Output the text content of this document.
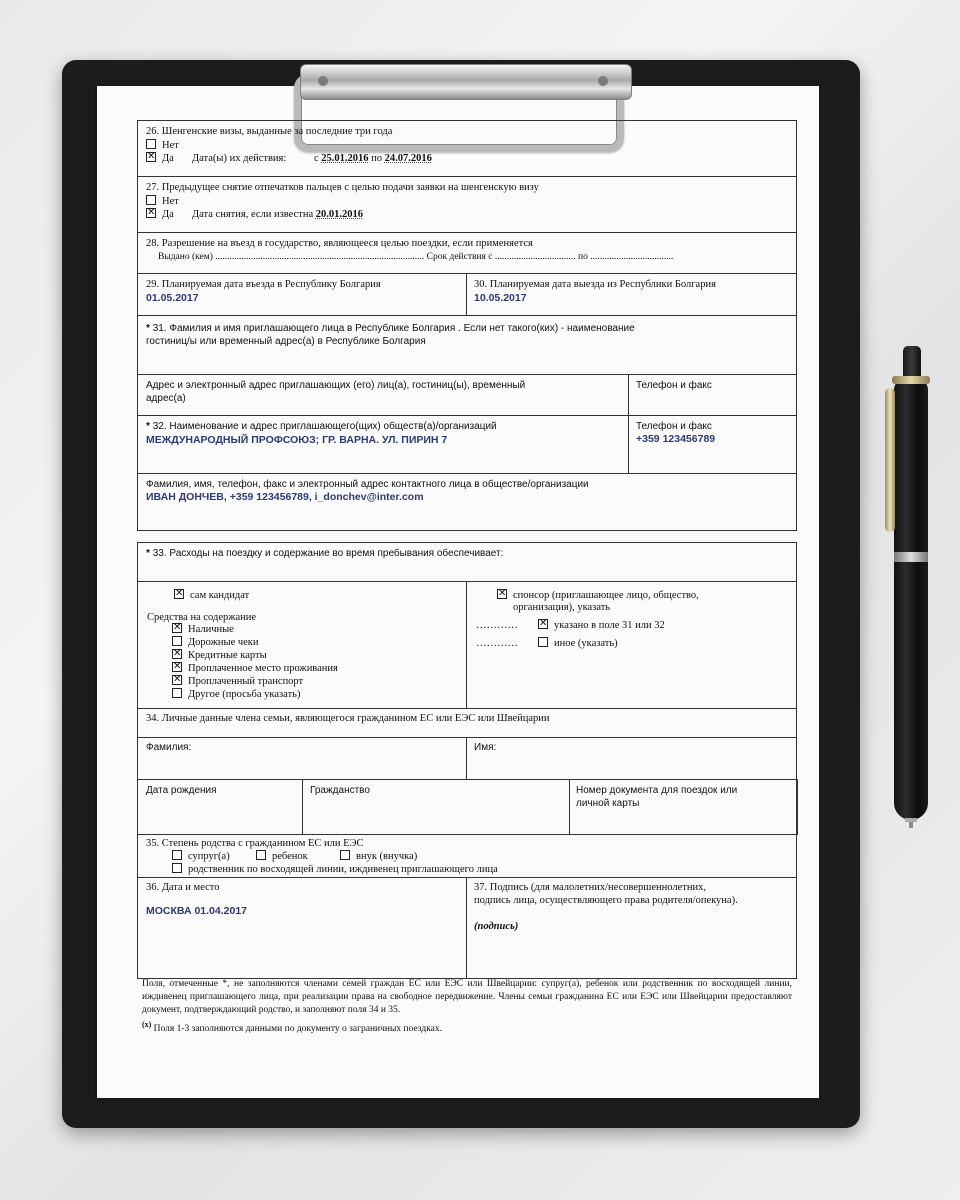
26. Шенгенские визы, выданные за последние три года
Нет
✕Да Дата(ы) их действия:	с 25.01.2016 по 24.07.2016
27. Предыдущее снятие отпечатков пальцев с целью подачи заявки на шенгенскую визу
Нет
✕Да Дата снятия, если известна 20.01.2016
28. Разрешение на въезд в государство, являющееся целью поездки, если применяется
Выдано (кем) ........................................................................................ Срок действия с .................................. по ...................................
29. Планируемая дата въезда в Республику Болгария
01.05.2017
30. Планируемая дата выезда из Республики Болгария
10.05.2017
* 31. Фамилия и имя приглашающего лица в Республике Болгария . Если нет такого(ких) - наименование
гостиниц/ы или временный адрес(а) в Республике Болгария
Телефон и факс
Адрес и электронный адрес приглашающих (его) лиц(а), гостиниц(ы), временный
адрес(а)
Телефон и факс
+359 123456789
* 32. Наименование и адрес приглашающего(щих) обществ(а)/организаций
МЕЖДУНАРОДНЫЙ ПРОФСОЮЗ; ГР. ВАРНА. УЛ. ПИРИН 7
Фамилия, имя, телефон, факс и электронный адрес контактного лица в обществе/организации
ИВАН ДОНЧЕВ, +359 123456789, i_donchev@inter.com
* 33. Расходы на поездку и содержание во время пребывания обеспечивает:
✕сам кандидат
Средства на содержание
✕Наличные
Дорожные чеки
✕Кредитные карты
✕Проплаченное место проживания
✕Проплаченный транспорт
Другое (просьба указать)
✕спонсор (приглашающее лицо, общество,
организация), указать
…………
✕	указано в поле 31 или 32
…………	иное (указать)
34. Личные данные члена семьи, являющегося гражданином ЕС или ЕЭС или Швейцарии
Фамилия:	Имя:
Дата рождения	Номер документа для поездок или
личной карты
Гражданство
35. Степень родства с гражданином ЕС или ЕЭС
супруг(а)	ребенок	внук (внучка)
родственник по восходящей линии, иждивенец приглашающего лица
36. Дата и место
МОСКВА 01.04.2017
37. Подпись (для малолетних/несовершеннолетних,
подпись лица, осуществляющего права родителя/опекуна).
(подпись)
Поля, отмеченные *, не заполняются членами семей граждан ЕС или ЕЭС или Швейцарии: супруг(а), ребенок или родственник по восходящей линии, иждивенец приглашающего лица, при реализации права на свободное передвижение. Члены семьи гражданина ЕС или ЕЭС или Швейцарии предоставляют документ, подтверждающий родство, и заполняют поля 34 и 35.
$^{(x)}$ Поля 1-3 заполняются данными по документу о заграничных поездках.
